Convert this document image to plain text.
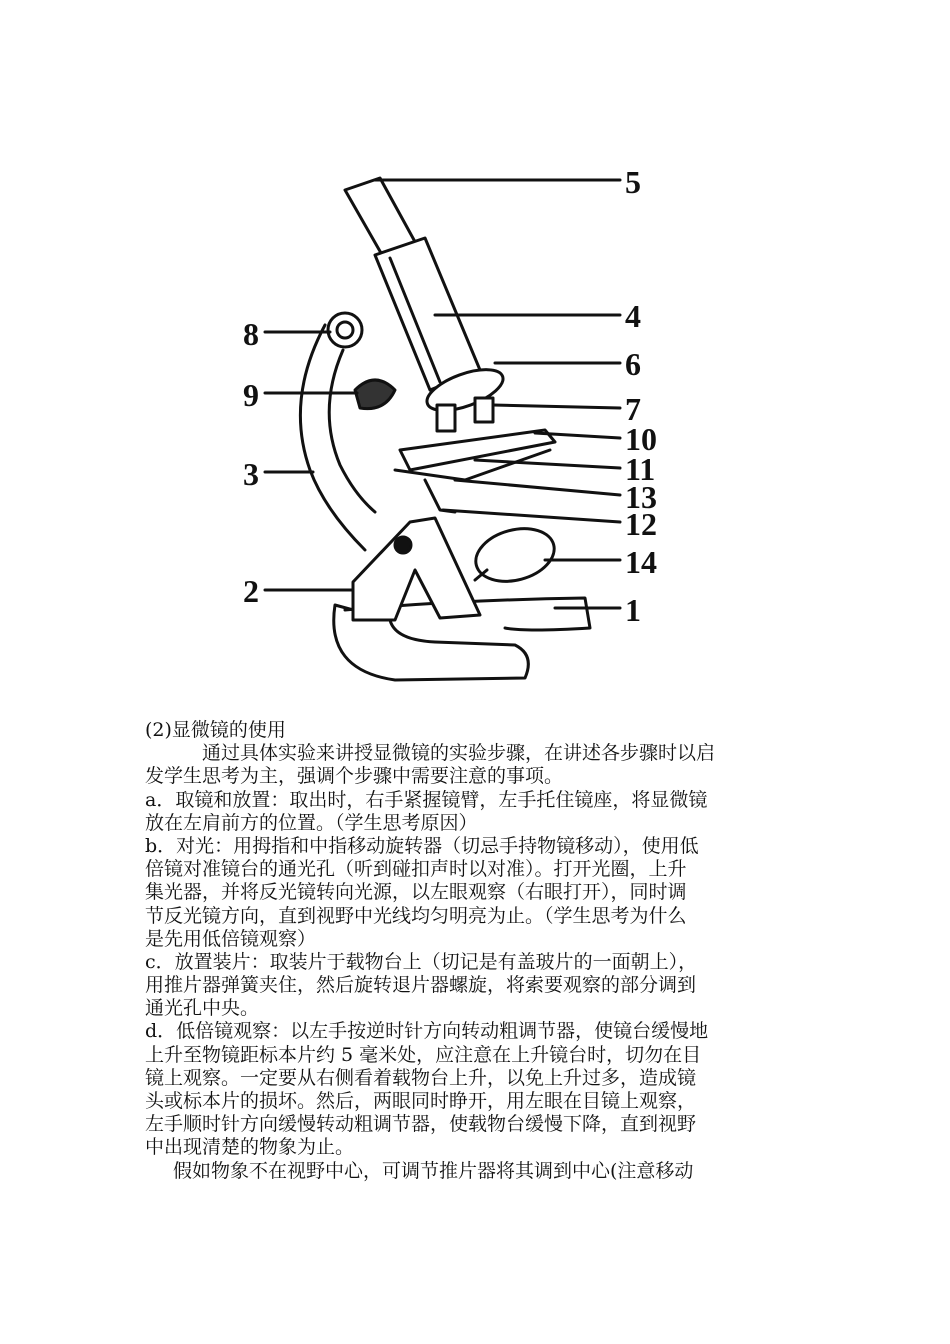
5
4
8
6
9	7
10
3	11
13
12
14
2
1
(2)显微镜的使用
通过具体实验来讲授显微镜的实验步骤，在讲述各步骤时以启
发学生思考为主，强调个步骤中需要注意的事项。
a．取镜和放置：取出时，右手紧握镜臂，左手托住镜座，将显微镜
放在左肩前方的位置。（学生思考原因）
b．对光：用拇指和中指移动旋转器（切忌手持物镜移动），使用低
倍镜对准镜台的通光孔（听到碰扣声时以对准）。打开光圈，上升
集光器，并将反光镜转向光源，以左眼观察（右眼打开），同时调
节反光镜方向，直到视野中光线均匀明亮为止。（学生思考为什么
是先用低倍镜观察）
c．放置装片：取装片于载物台上（切记是有盖玻片的一面朝上），
用推片器弹簧夹住，然后旋转退片器螺旋，将索要观察的部分调到
通光孔中央。
d．低倍镜观察：以左手按逆时针方向转动粗调节器，使镜台缓慢地
上升至物镜距标本片约 5 毫米处，应注意在上升镜台时，切勿在目
镜上观察。一定要从右侧看着载物台上升，以免上升过多，造成镜
头或标本片的损坏。然后，两眼同时睁开，用左眼在目镜上观察，
左手顺时针方向缓慢转动粗调节器，使载物台缓慢下降，直到视野
中出现清楚的物象为止。
假如物象不在视野中心，可调节推片器将其调到中心(注意移动
